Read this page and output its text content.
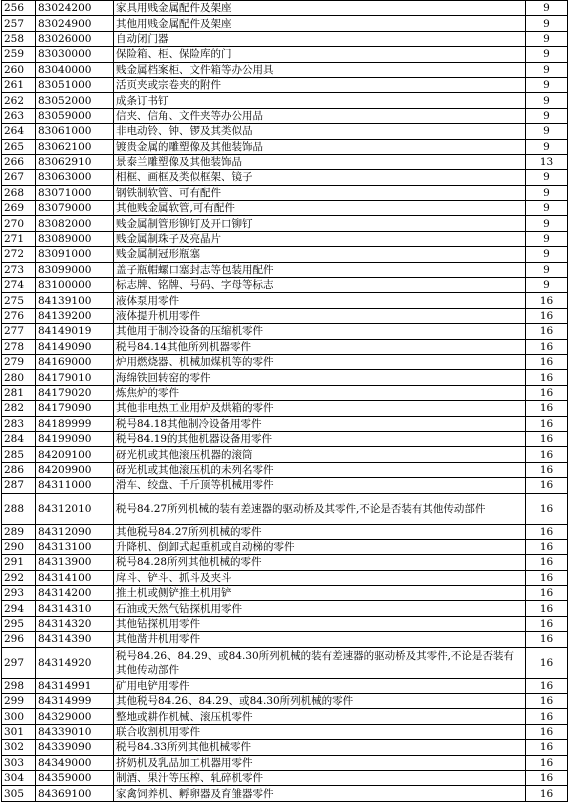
256	83024200	家具用贱金属配件及架座	9
257	83024900	其他用贱金属配件及架座	9
258	83026000	自动闭门器	9
259	83030000	保险箱、柜、保险库的门	9
260	83040000	贱金属档案柜、文件箱等办公用具	9
261	83051000	活页夹或宗卷夹的附件	9
262	83052000	成条订书钉	9
263	83059000	信夹、信角、文件夹等办公用品	9
264	83061000	非电动铃、钟、锣及其类似品	9
265	83062100	镀贵金属的雕塑像及其他装饰品	9
266	83062910	景泰兰雕塑像及其他装饰品	13
267	83063000	相框、画框及类似框架、镜子	9
268	83071000	钢铁制软管、可有配件	9
269	83079000	其他贱金属软管,可有配件	9
270	83082000	贱金属制管形铆钉及开口铆钉	9
271	83089000	贱金属制珠子及亮晶片	9
272	83091000	贱金属制冠形瓶塞	9
273	83099000	盖子瓶帽螺口塞封志等包装用配件	9
274	83100000	标志牌、铭牌、号码、字母等标志	9
275	84139100	液体泵用零件	16
276	84139200	液体提升机用零件	16
277	84149019	其他用于制冷设备的压缩机零件	16
278	84149090	税号84.14其他所列机器零件	16
279	84169000	炉用燃烧器、机械加煤机等的零件	16
280	84179010	海绵铁回转窑的零件	16
281	84179020	炼焦炉的零件	16
282	84179090	其他非电热工业用炉及烘箱的零件	16
283	84189999	税号84.18其他制冷设备用零件	16
284	84199090	税号84.19的其他机器设备用零件	16
285	84209100	砑光机或其他滚压机器的滚筒	16
286	84209900	砑光机或其他滚压机的未列名零件	16
287	84311000	滑车、绞盘、千斤顶等机械用零件	16
288	84312010	税号84.27所列机械的装有差速器的驱动桥及其零件,不论是否装有其他传动部件	16
289	84312090	其他税号84.27所列机械的零件	16
290	84313100	升降机、倒卸式起重机或自动梯的零件	16
291	84313900	税号84.28所列其他机械的零件	16
292	84314100	戽斗、铲斗、抓斗及夹斗	16
293	84314200	推土机或侧铲推土机用铲	16
294	84314310	石油或天然气钻探机用零件	16
295	84314320	其他钻探机用零件	16
296	84314390	其他凿井机用零件	16
297	84314920	税号84.26、84.29、或84.30所列机械的装有差速器的驱动桥及其零件,不论是否装有其他传动部件	16
298	84314991	矿用电铲用零件	16
299	84314999	其他税号84.26、84.29、或84.30所列机械的零件	16
300	84329000	整地或耕作机械、滚压机零件	16
301	84339010	联合收割机用零件	16
302	84339090	税号84.33所列其他机械零件	16
303	84349000	挤奶机及乳品加工机器用零件	16
304	84359000	制酒、果汁等压榨、轧碎机零件	16
305	84369100	家禽饲养机、孵卵器及育雏器零件	16
